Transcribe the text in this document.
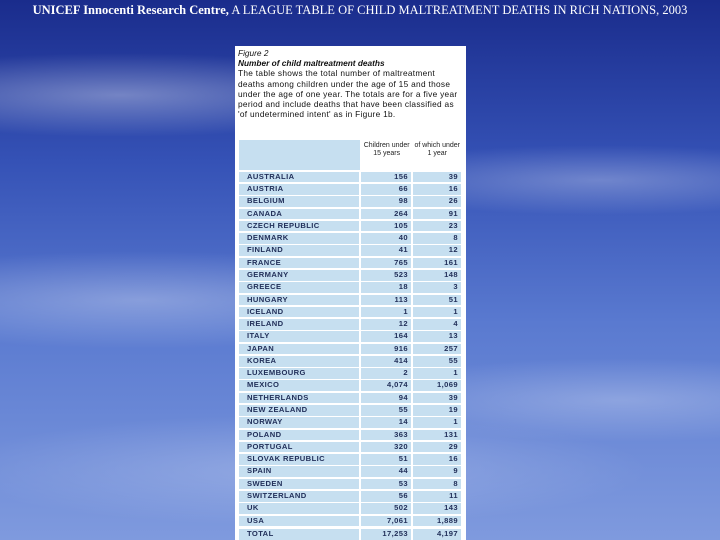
UNICEF Innocenti Research Centre, A LEAGUE TABLE OF CHILD MALTREATMENT DEATHS IN RICH NATIONS, 2003
Figure 2
Number of child maltreatment deaths
The table shows the total number of maltreatment deaths among children under the age of 15 and those under the age of one year. The totals are for a five year period and include deaths that have been classified as 'of undetermined intent' as in Figure 1b.
Children under 15 years
of which under 1 year
AUSTRALIA	156	39
AUSTRIA	66	16
BELGIUM	98	26
CANADA	264	91
CZECH REPUBLIC	105	23
DENMARK	40	8
FINLAND	41	12
FRANCE	765	161
GERMANY	523	148
GREECE	18	3
HUNGARY	113	51
ICELAND	1	1
IRELAND	12	4
ITALY	164	13
JAPAN	916	257
KOREA	414	55
LUXEMBOURG	2	1
MEXICO	4,074	1,069
NETHERLANDS	94	39
NEW ZEALAND	55	19
NORWAY	14	1
POLAND	363	131
PORTUGAL	320	29
SLOVAK REPUBLIC	51	16
SPAIN	44	9
SWEDEN	53	8
SWITZERLAND	56	11
UK	502	143
USA	7,061	1,889
TOTAL	17,253	4,197
